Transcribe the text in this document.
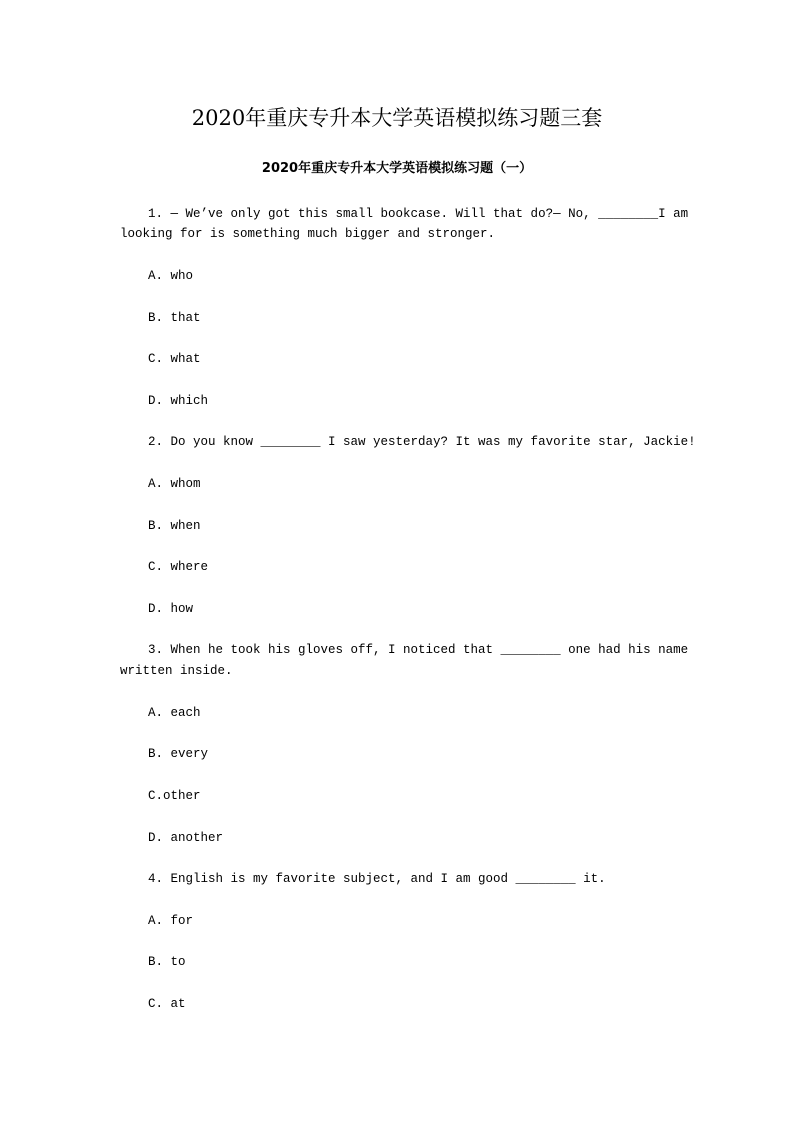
2020年重庆专升本大学英语模拟练习题三套
2020年重庆专升本大学英语模拟练习题（一）

1. — We’ve only got this small bookcase. Will that do?— No, ________I am

looking for is something much bigger and stronger.

A. who

B. that

C. what

D. which

2. Do you know ________ I saw yesterday? It was my favorite star, Jackie!

A. whom

B. when

C. where

D. how

3. When he took his gloves off, I noticed that ________ one had his name

written inside.

A. each

B. every

C.other

D. another

4. English is my favorite subject, and I am good ________ it.

A. for

B. to

C. at
